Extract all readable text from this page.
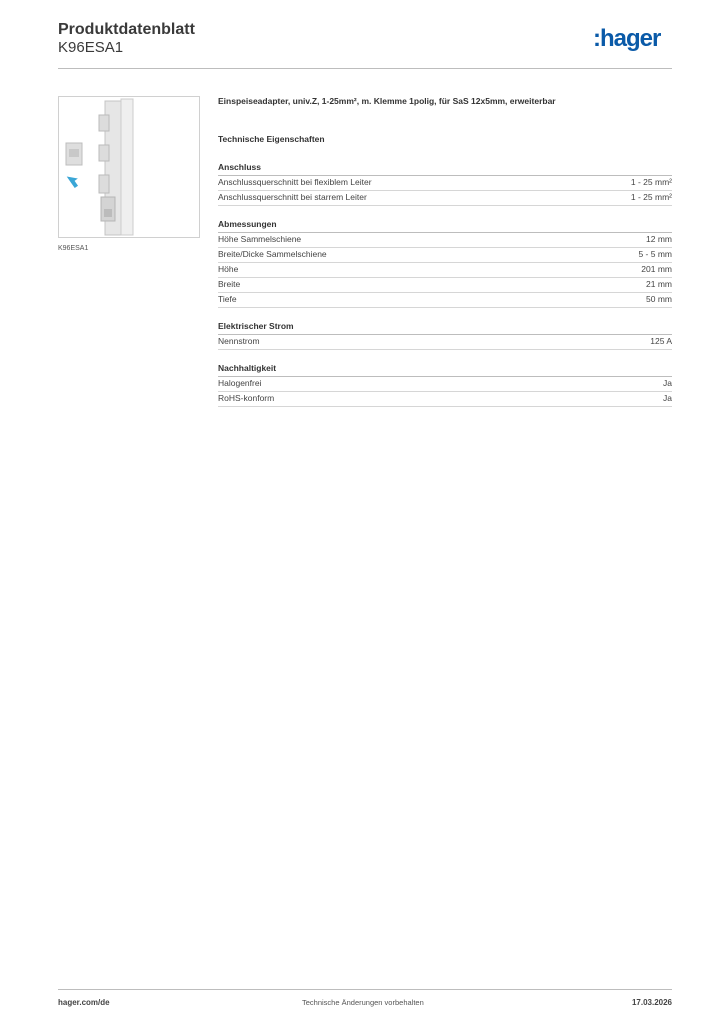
Produktdatenblatt
K96ESA1	:hager
K96ESA1
Einspeiseadapter, univ.Z, 1-25mm², m. Klemme 1polig, für SaS 12x5mm, erweiterbar
Technische Eigenschaften
Anschluss
Anschlussquerschnitt bei flexiblem Leiter	1 - 25 mm²
Anschlussquerschnitt bei starrem Leiter	1 - 25 mm²
Abmessungen
Höhe Sammelschiene	12 mm
Breite/Dicke Sammelschiene	5 - 5 mm
Höhe	201 mm
Breite	21 mm
Tiefe	50 mm
Elektrischer Strom
Nennstrom	125 A
Nachhaltigkeit
Halogenfrei	Ja
RoHS-konform	Ja
hager.com/de	Technische Änderungen vorbehalten	17.03.2026
